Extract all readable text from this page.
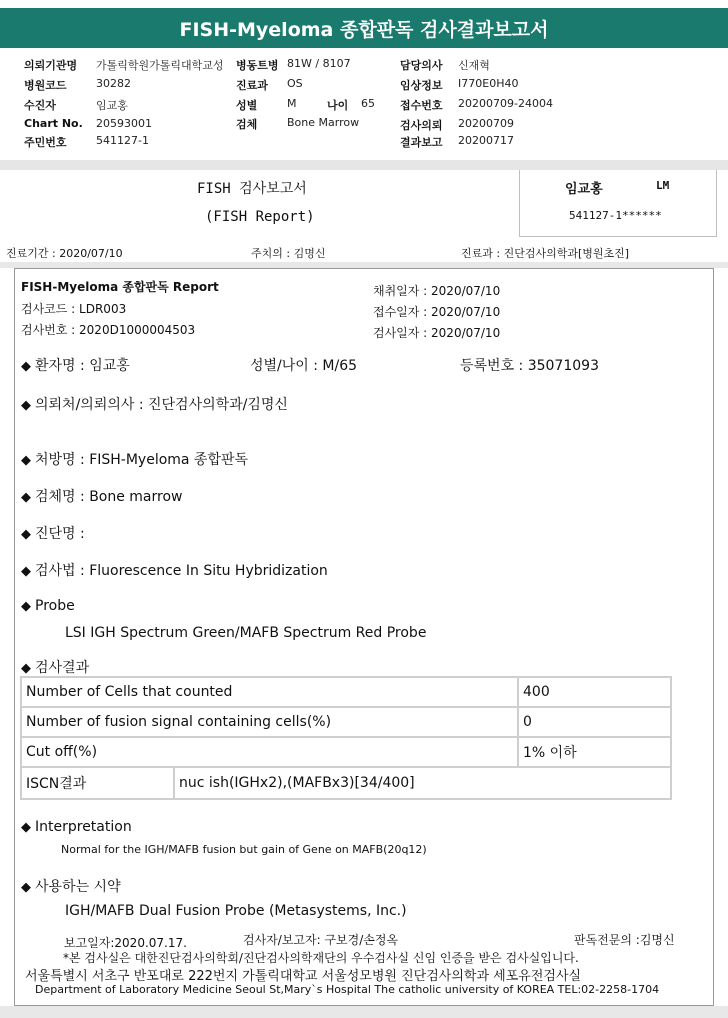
FISH-Myeloma 종합판독 검사결과보고서
의뢰기관명 가톨릭학원가톨릭대학교성 병동트병 81W / 8107	담당의사 신재혁
병원코드	30282	진료과 OS	임상정보 I770E0H40
수진자	임교홍	성별	M	나이 65 접수번호 20200709-24004
Chart No. 20593001	검체	Bone Marrow	검사의뢰 20200709
주민번호	541127-1	결과보고 20200717
FISH 검사보고서
(FISH Report)
임교홍	LM
541127-1******
진료기간 : 2020/07/10	주치의 : 김명신	진료과 : 진단검사의학과[병원초진]
FISH-Myeloma 종합판독 Report
검사코드 : LDR003
검사번호 : 2020D1000004503
채취일자 : 2020/07/10
접수일자 : 2020/07/10
검사일자 : 2020/07/10
◆ 환자명 : 임교홍	성별/나이 : M/65	등록번호 : 35071093
◆ 의뢰처/의뢰의사 : 진단검사의학과/김명신
◆ 처방명 : FISH-Myeloma 종합판독
◆ 검체명 : Bone marrow
◆ 진단명 :
◆ 검사법 : Fluorescence In Situ Hybridization
◆ Probe
LSI IGH Spectrum Green/MAFB Spectrum Red Probe
◆ 검사결과
Number of Cells that counted	400
Number of fusion signal containing cells(%)	0
Cut off(%)	1% 이하

ISCN결과 nuc ish(IGHx2),(MAFBx3)[34/400]	
◆ Interpretation
Normal for the IGH/MAFB fusion but gain of Gene on MAFB(20q12)
◆ 사용하는 시약
IGH/MAFB Dual Fusion Probe (Metasystems, Inc.)
보고일자:2020.07.17.	검사자/보고자: 구보경/손정옥	판독전문의 :김명신
*본 검사실은 대한진단검사의학회/진단검사의학재단의 우수검사실 신임 인증을 받은 검사실입니다.
서울특별시 서초구 반포대로 222번지 가톨릭대학교 서울성모병원 진단검사의학과 세포유전검사실
Department of Laboratory Medicine Seoul St,Mary`s Hospital The catholic university of KOREA TEL:02-2258-1704
